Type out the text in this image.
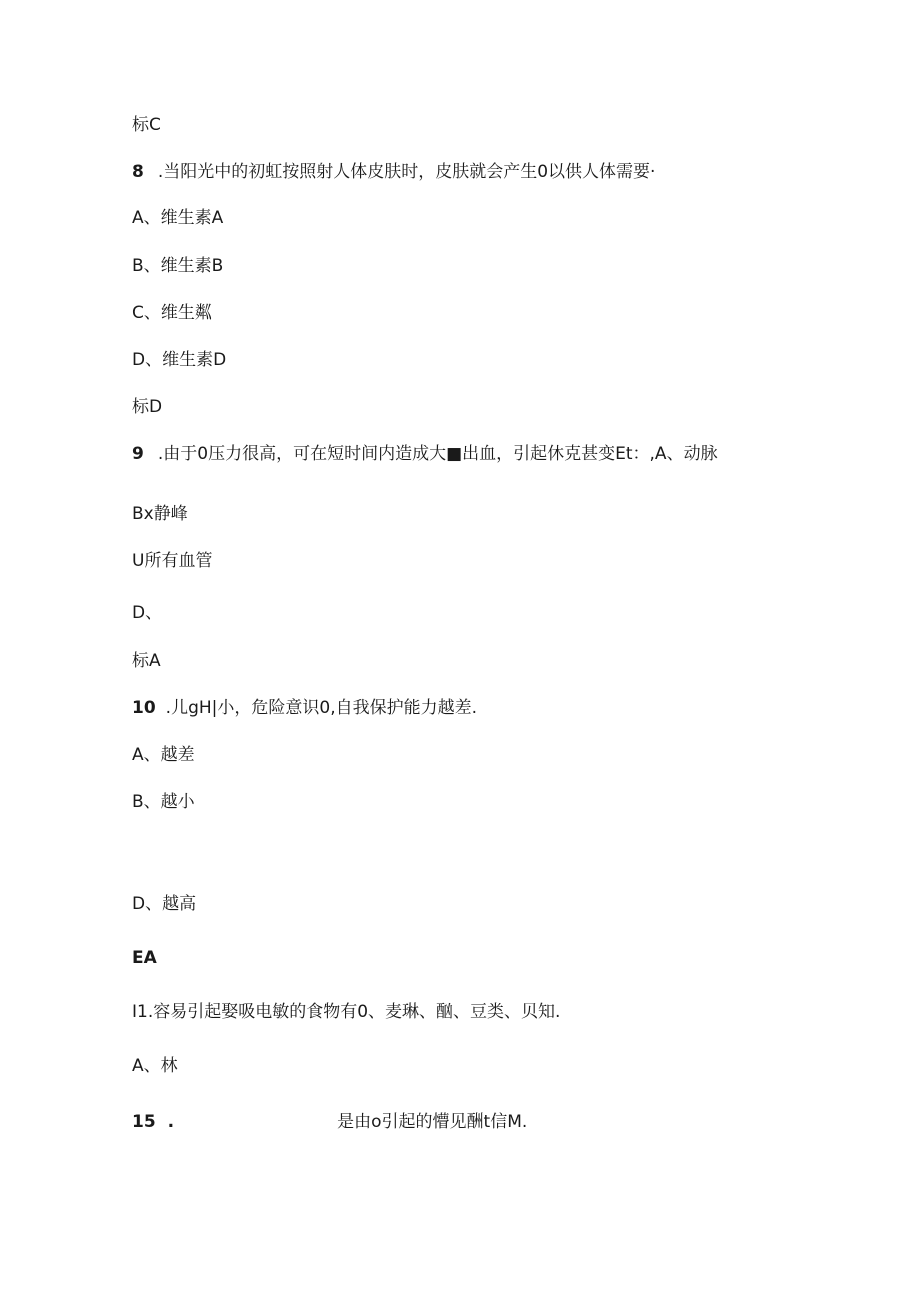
标C
8 .当阳光中的初虹按照射人体皮肤时，皮肤就会产生0以供人体需要·
A、维生素A
B、维生素B
C、维生粼
D、维生素D
标D
9 .由于0压力很高，可在短时间内造成大■出血，引起休克甚变Et：,A、动脉
Bx静峰
U所有血管
D、
标A
10 .儿gH|小，危险意识0,自我保护能力越差.
A、越差
B、越小
D、越高
EA
I1.容易引起娶吸电敏的食物有0、麦琳、酗、豆类、贝知.
A、林
15 .	是由o引起的懵见酬t信M.
